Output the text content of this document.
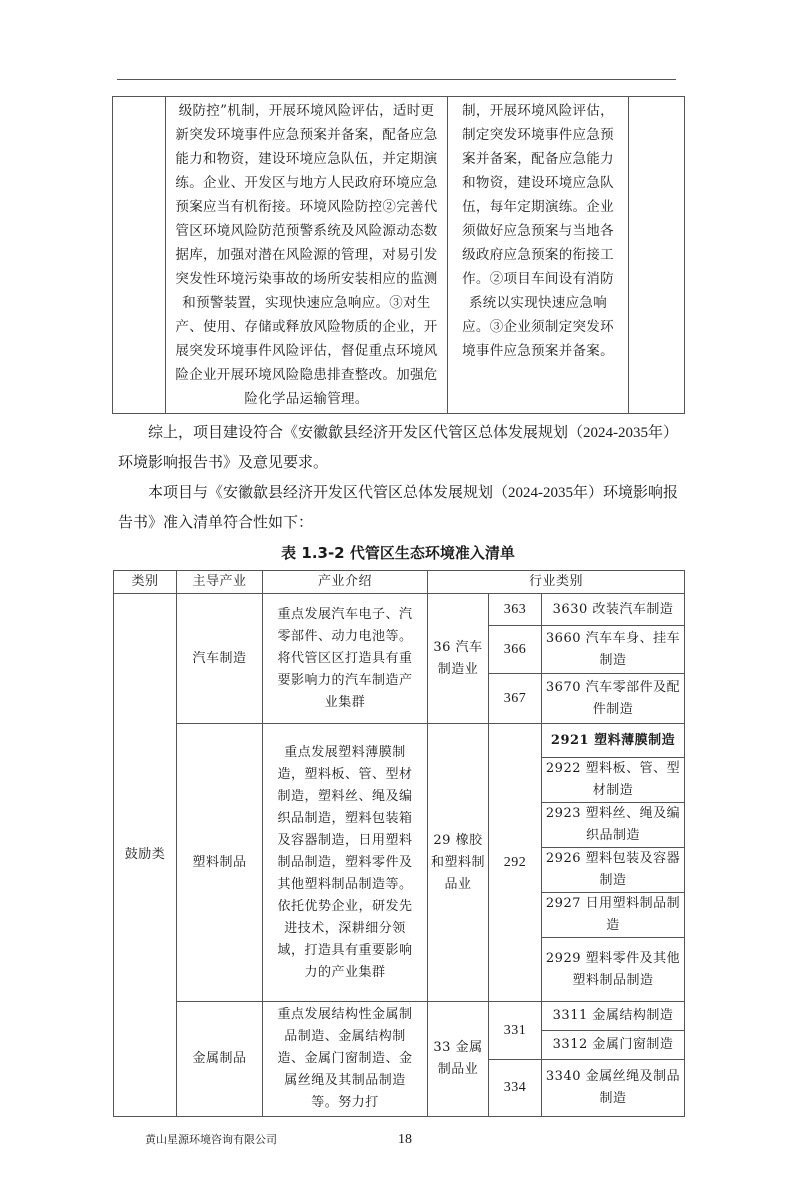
	级防控”机制，开展环境风险评估，适时更新突发环境事件应急预案并备案，配备应急能力和物资，建设环境应急队伍，并定期演练。企业、开发区与地方人民政府环境应急预案应当有机衔接。环境风险防控②完善代管区环境风险防范预警系统及风险源动态数据库，加强对潜在风险源的管理，对易引发突发性环境污染事故的场所安装相应的监测和预警装置，实现快速应急响应。③对生产、使用、存储或释放风险物质的企业，开展突发环境事件风险评估，督促重点环境风险企业开展环境风险隐患排查整改。加强危险化学品运输管理。	制，开展环境风险评估，制定突发环境事件应急预案并备案，配备应急能力和物资，建设环境应急队伍，每年定期演练。企业须做好应急预案与当地各级政府应急预案的衔接工作。②项目车间设有消防系统以实现快速应急响应。③企业须制定突发环境事件应急预案并备案。	

综上，项目建设符合《安徽歙县经济开发区代管区总体发展规划（2024-2035年）环境影响报告书》及意见要求。

本项目与《安徽歙县经济开发区代管区总体发展规划（2024-2035年）环境影响报告书》准入清单符合性如下：

表 1.3-2 代管区生态环境准入清单
类别	主导产业	产业介绍	行业类别		
鼓励类	汽车制造	重点发展汽车电子、汽零部件、动力电池等。将代管区区打造具有重要影响力的汽车制造产业集群	36 汽车制造业	363	3630 改装汽车制造
				366	3660 汽车车身、挂车制造
				367	3670 汽车零部件及配件制造
	塑料制品	重点发展塑料薄膜制造，塑料板、管、型材制造，塑料丝、绳及编织品制造，塑料包装箱及容器制造，日用塑料制品制造，塑料零件及其他塑料制品制造等。依托优势企业，研发先进技术，深耕细分领域，打造具有重要影响力的产业集群	29 橡胶和塑料制品业	292	2921 塑料薄膜制造
					2922 塑料板、管、型材制造
					2923 塑料丝、绳及编织品制造
					2926 塑料包装及容器制造
					2927 日用塑料制品制造
					2929 塑料零件及其他塑料制品制造
	金属制品	重点发展结构性金属制品制造、金属结构制造、金属门窗制造、金属丝绳及其制品制造等。努力打	33 金属制品业	331	3311 金属结构制造
					3312 金属门窗制造
				334	3340 金属丝绳及制品制造
黄山星源环境咨询有限公司	18
